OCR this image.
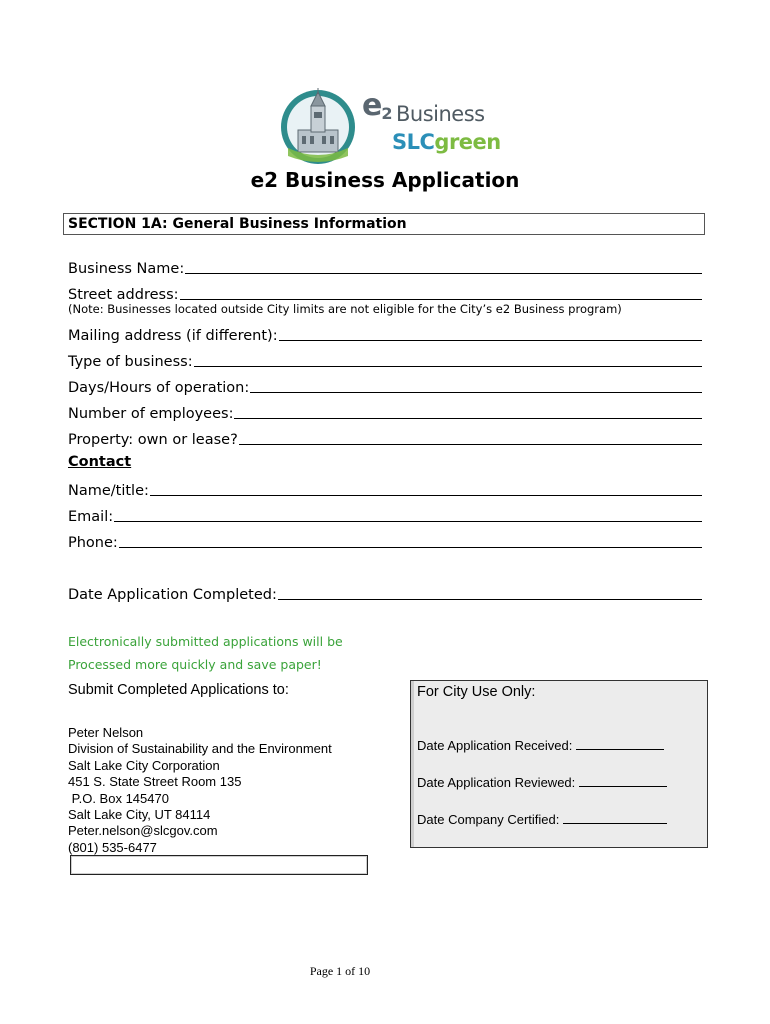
$e_2$ Business
SLCgreen
e2 Business Application
SECTION 1A: General Business Information
Business Name:
Street address:
(Note: Businesses located outside City limits are not eligible for the City’s e2 Business program)
Mailing address (if different):
Type of business:
Days/Hours of operation:
Number of employees:
Property: own or lease?
Contact
Name/title:
Email:
Phone:
Date Application Completed:
Electronically submitted applications will be
Processed more quickly and save paper!
Submit Completed Applications to:
Peter Nelson
Division of Sustainability and the Environment
Salt Lake City Corporation
451 S. State Street Room 135
P.O. Box 145470
Salt Lake City, UT 84114
Peter.nelson@slcgov.com
(801) 535-6477
For City Use Only:
Date Application Received:
Date Application Reviewed:
Date Company Certified:
Page 1 of 10
